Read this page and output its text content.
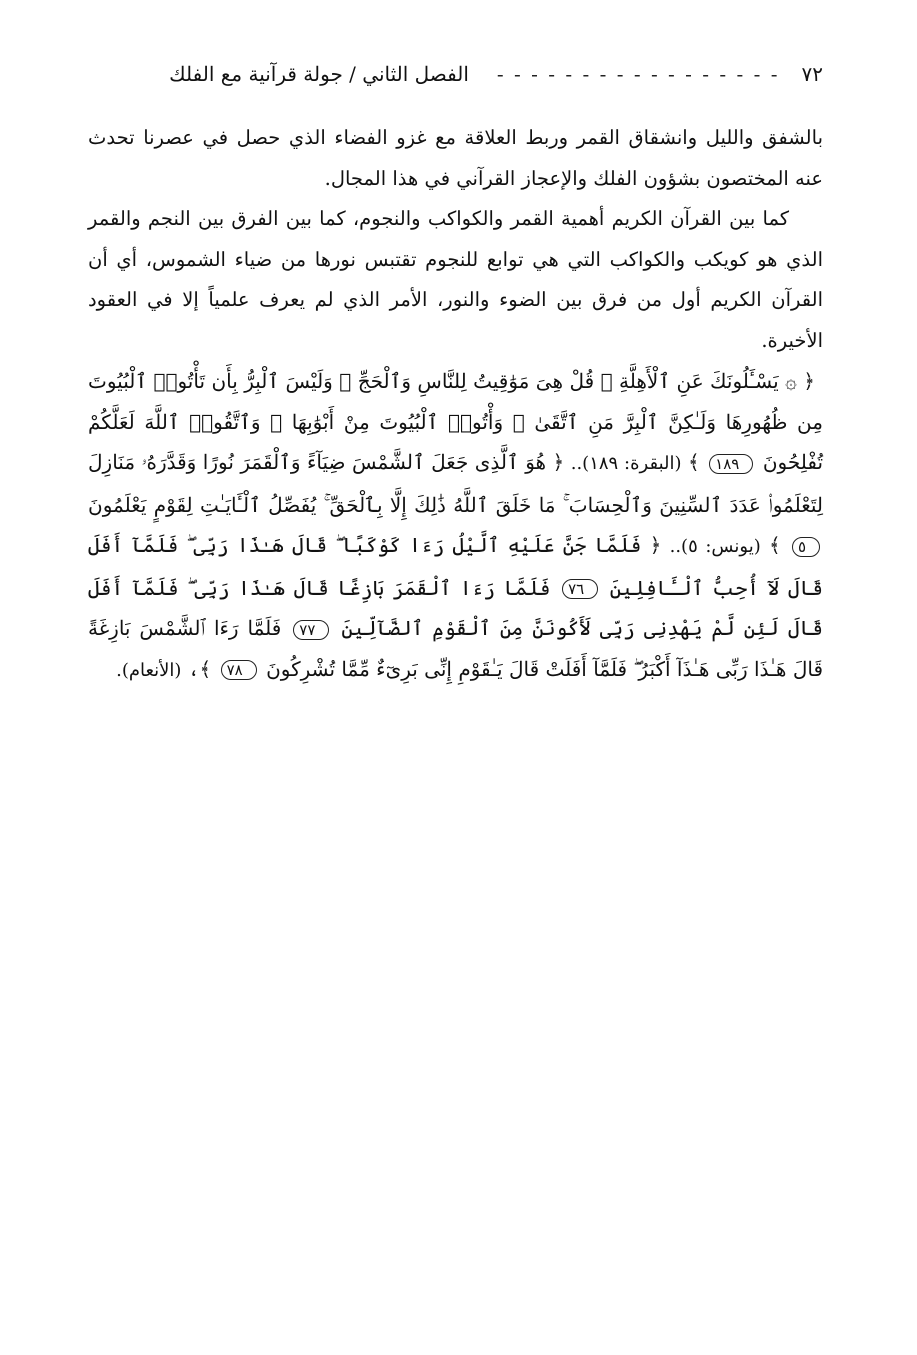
٧٢
- - - - - - - - - - - - - - - - -
الفصل الثاني / جولة قرآنية مع الفلك

بالشفق والليل وانشقاق القمر وربط العلاقة مع غزو الفضاء الذي حصل في عصرنا تحدث عنه المختصون بشؤون الفلك والإعجاز القرآني في هذا المجال.

كما بين القرآن الكريم أهمية القمر والكواكب والنجوم، كما بين الفرق بين النجم والقمر الذي هو كويكب والكواكب التي هي توابع للنجوم تقتبس نورها من ضياء الشموس، أي أن القرآن الكريم أول من فرق بين الضوء والنور، الأمر الذي لم يعرف علمياً إلا في العقود الأخيرة.

﴿ ۞ يَسْـَٔلُونَكَ عَنِ ٱلْأَهِلَّةِ ۖ قُلْ هِىَ مَوَٰقِيتُ لِلنَّاسِ وَٱلْحَجِّ ۗ وَلَيْسَ ٱلْبِرُّ بِأَن تَأْتُوا۟ ٱلْبُيُوتَ مِن ظُهُورِهَا وَلَـٰكِنَّ ٱلْبِرَّ مَنِ ٱتَّقَىٰ ۗ وَأْتُوا۟ ٱلْبُيُوتَ مِنْ أَبْوَٰبِهَا ۚ وَٱتَّقُوا۟ ٱللَّهَ لَعَلَّكُمْ تُفْلِحُونَ ١٨٩ ﴾ (البقرة: ١٨٩).. ﴿ هُوَ ٱلَّذِى جَعَلَ ٱلشَّمْسَ ضِيَآءً وَٱلْقَمَرَ نُورًا وَقَدَّرَهُۥ مَنَازِلَ لِتَعْلَمُوا۟ عَدَدَ ٱلسِّنِينَ وَٱلْحِسَابَ ۚ مَا خَلَقَ ٱللَّهُ ذَٰلِكَ إِلَّا بِٱلْحَقِّ ۚ يُفَصِّلُ ٱلْـَٔايَـٰتِ لِقَوْمٍ يَعْلَمُونَ ٥ ﴾ (يونس: ٥).. ﴿ فَلَمَّا جَنَّ عَلَيْهِ ٱلَّيْلُ رَءَا كَوْكَبًا ۖ قَالَ هَـٰذَا رَبِّى ۖ فَلَمَّآ أَفَلَ قَالَ لَآ أُحِبُّ ٱلْـَٔافِلِينَ ٧٦ فَلَمَّا رَءَا ٱلْقَمَرَ بَازِغًا قَالَ هَـٰذَا رَبِّى ۖ فَلَمَّآ أَفَلَ قَالَ لَئِن لَّمْ يَهْدِنِى رَبِّى لَأَكُونَنَّ مِنَ ٱلْقَوْمِ ٱلضَّآلِّينَ ٧٧ فَلَمَّا رَءَا ٱلشَّمْسَ بَازِغَةً قَالَ هَـٰذَا رَبِّى هَـٰذَآ أَكْبَرُ ۖ فَلَمَّآ أَفَلَتْ قَالَ يَـٰقَوْمِ إِنِّى بَرِىٓءٌ مِّمَّا تُشْرِكُونَ ٧٨ ﴾، (الأنعام).
